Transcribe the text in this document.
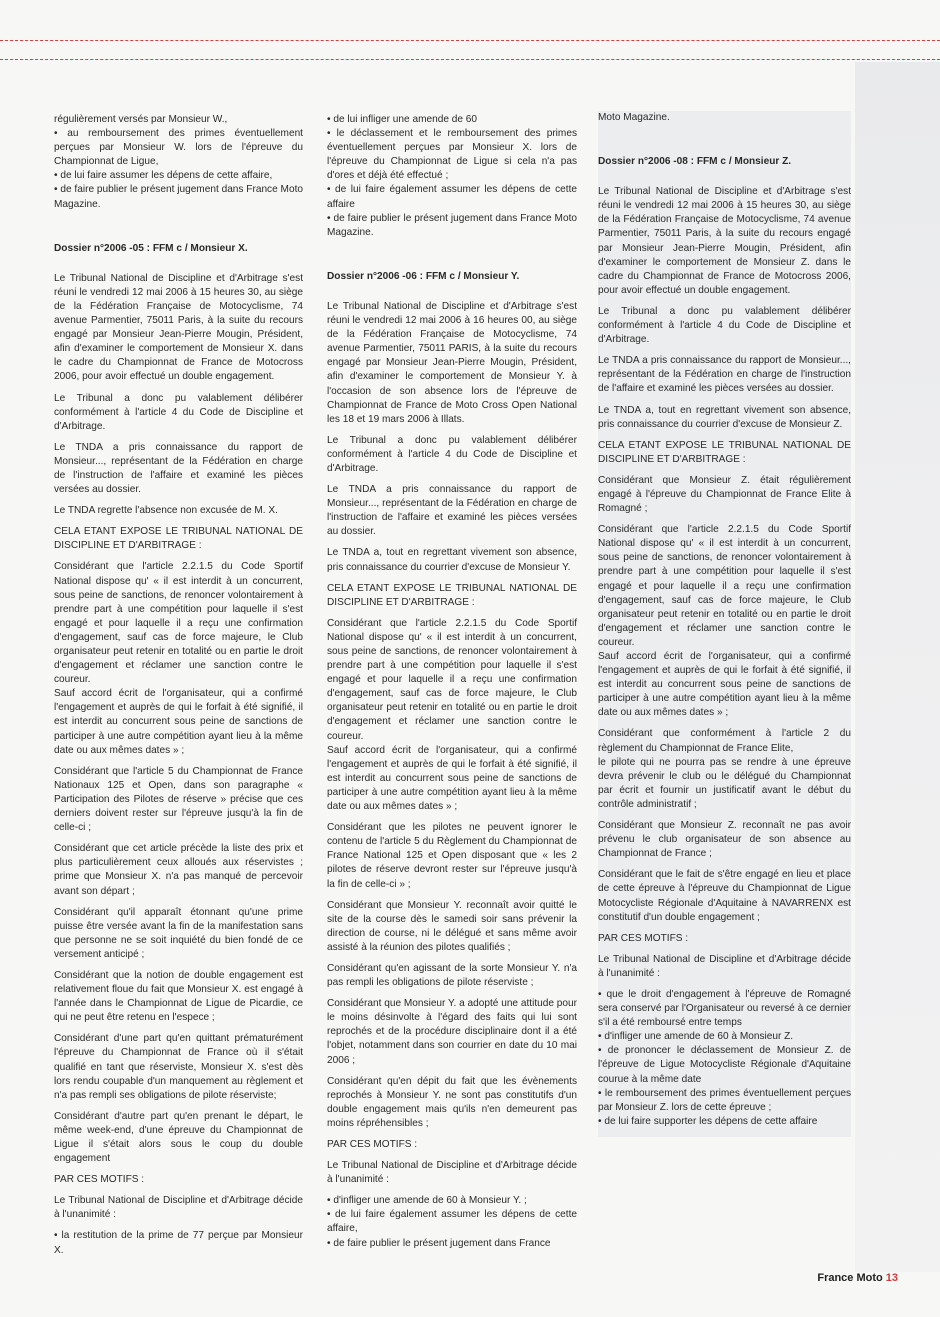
régulièrement versés par Monsieur W.,

• au remboursement des primes éventuellement perçues par Monsieur W. lors de l'épreuve du Championnat de Ligue,

• de lui faire assumer les dépens de cette affaire,

• de faire publier le présent jugement dans France Moto Magazine.

Dossier n°2006 -05 : FFM c / Monsieur X.

Le Tribunal National de Discipline et d'Arbitrage s'est réuni le vendredi 12 mai 2006 à 15 heures 30, au siège de la Fédération Française de Motocyclisme, 74 avenue Parmentier, 75011 Paris, à la suite du recours engagé par Monsieur Jean-Pierre Mougin, Président, afin d'examiner le comportement de Monsieur X. dans le cadre du Championnat de France de Motocross 2006, pour avoir effectué un double engagement.

Le Tribunal a donc pu valablement délibérer conformément à l'article 4 du Code de Discipline et d'Arbitrage.

Le TNDA a pris connaissance du rapport de Monsieur..., représentant de la Fédération en charge de l'instruction de l'affaire et examiné les pièces versées au dossier.

Le TNDA regrette l'absence non excusée de M. X.

CELA ETANT EXPOSE LE TRIBUNAL NATIONAL DE DISCIPLINE ET D'ARBITRAGE :

Considérant que l'article 2.2.1.5 du Code Sportif National dispose qu' « il est interdit à un concurrent, sous peine de sanctions, de renoncer volontairement à prendre part à une compétition pour laquelle il s'est engagé et pour laquelle il a reçu une confirmation d'engagement, sauf cas de force majeure, le Club organisateur peut retenir en totalité ou en partie le droit d'engagement et réclamer une sanction contre le coureur.

Sauf accord écrit de l'organisateur, qui a confirmé l'engagement et auprès de qui le forfait à été signifié, il est interdit au concurrent sous peine de sanctions de participer à une autre compétition ayant lieu à la même date ou aux mêmes dates » ;

Considérant que l'article 5 du Championnat de France Nationaux 125 et Open, dans son paragraphe « Participation des Pilotes de réserve » précise que ces derniers doivent rester sur l'épreuve jusqu'à la fin de celle-ci ;

Considérant que cet article précède la liste des prix et plus particulièrement ceux alloués aux réservistes ; prime que Monsieur X. n'a pas manqué de percevoir avant son départ ;

Considérant qu'il apparaît étonnant qu'une prime puisse être versée avant la fin de la manifestation sans que personne ne se soit inquiété du bien fondé de ce versement anticipé ;

Considérant que la notion de double engagement est relativement floue du fait que Monsieur X. est engagé à l'année dans le Championnat de Ligue de Picardie, ce qui ne peut être retenu en l'espece ;

Considérant d'une part qu'en quittant prématurément l'épreuve du Championnat de France où il s'était qualifié en tant que réserviste, Monsieur X. s'est dès lors rendu coupable d'un manquement au règlement et n'a pas rempli ses obligations de pilote réserviste;

Considérant d'autre part qu'en prenant le départ, le même week-end, d'une épreuve du Championnat de Ligue il s'était alors sous le coup du double engagement

PAR CES MOTIFS :

Le Tribunal National de Discipline et d'Arbitrage décide à l'unanimité :

• la restitution de la prime de 77 perçue par Monsieur X.

• de lui infliger une amende de 60

• le déclassement et le remboursement des primes éventuellement perçues par Monsieur X. lors de l'épreuve du Championnat de Ligue si cela n'a pas d'ores et déjà été effectué ;

• de lui faire également assumer les dépens de cette affaire

• de faire publier le présent jugement dans France Moto Magazine.

Dossier n°2006 -06 : FFM c / Monsieur Y.

Le Tribunal National de Discipline et d'Arbitrage s'est réuni le vendredi 12 mai 2006 à 16 heures 00, au siège de la Fédération Française de Motocyclisme, 74 avenue Parmentier, 75011 PARIS, à la suite du recours engagé par Monsieur Jean-Pierre Mougin, Président, afin d'examiner le comportement de Monsieur Y. à l'occasion de son absence lors de l'épreuve de Championnat de France de Moto Cross Open National les 18 et 19 mars 2006 à Illats.

Le Tribunal a donc pu valablement délibérer conformément à l'article 4 du Code de Discipline et d'Arbitrage.

Le TNDA a pris connaissance du rapport de Monsieur..., représentant de la Fédération en charge de l'instruction de l'affaire et examiné les pièces versées au dossier.

Le TNDA a, tout en regrettant vivement son absence, pris connaissance du courrier d'excuse de Monsieur Y.

CELA ETANT EXPOSE LE TRIBUNAL NATIONAL DE DISCIPLINE ET D'ARBITRAGE :

Considérant que l'article 2.2.1.5 du Code Sportif National dispose qu' « il est interdit à un concurrent, sous peine de sanctions, de renoncer volontairement à prendre part à une compétition pour laquelle il s'est engagé et pour laquelle il a reçu une confirmation d'engagement, sauf cas de force majeure, le Club organisateur peut retenir en totalité ou en partie le droit d'engagement et réclamer une sanction contre le coureur.

Sauf accord écrit de l'organisateur, qui a confirmé l'engagement et auprès de qui le forfait à été signifié, il est interdit au concurrent sous peine de sanctions de participer à une autre compétition ayant lieu à la même date ou aux mêmes dates » ;

Considérant que les pilotes ne peuvent ignorer le contenu de l'article 5 du Règlement du Championnat de France National 125 et Open disposant que « les 2 pilotes de réserve devront rester sur l'épreuve jusqu'à la fin de celle-ci » ;

Considérant que Monsieur Y. reconnaît avoir quitté le site de la course dès le samedi soir sans prévenir la direction de course, ni le délégué et sans même avoir assisté à la réunion des pilotes qualifiés ;

Considérant qu'en agissant de la sorte Monsieur Y. n'a pas rempli les obligations de pilote réserviste ;

Considérant que Monsieur Y. a adopté une attitude pour le moins désinvolte à l'égard des faits qui lui sont reprochés et de la procédure disciplinaire dont il a été l'objet, notamment dans son courrier en date du 10 mai 2006 ;

Considérant qu'en dépit du fait que les évènements reprochés à Monsieur Y. ne sont pas constitutifs d'un double engagement mais qu'ils n'en demeurent pas moins répréhensibles ;

PAR CES MOTIFS :

Le Tribunal National de Discipline et d'Arbitrage décide à l'unanimité :

• d'infliger une amende de 60 à Monsieur Y. ;

• de lui faire également assumer les dépens de cette affaire,

• de faire publier le présent jugement dans France

Moto Magazine.

Dossier n°2006 -08 : FFM c / Monsieur Z.

Le Tribunal National de Discipline et d'Arbitrage s'est réuni le vendredi 12 mai 2006 à 15 heures 30, au siège de la Fédération Française de Motocyclisme, 74 avenue Parmentier, 75011 Paris, à la suite du recours engagé par Monsieur Jean-Pierre Mougin, Président, afin d'examiner le comportement de Monsieur Z. dans le cadre du Championnat de France de Motocross 2006, pour avoir effectué un double engagement.

Le Tribunal a donc pu valablement délibérer conformément à l'article 4 du Code de Discipline et d'Arbitrage.

Le TNDA a pris connaissance du rapport de Monsieur..., représentant de la Fédération en charge de l'instruction de l'affaire et examiné les pièces versées au dossier.

Le TNDA a, tout en regrettant vivement son absence, pris connaissance du courrier d'excuse de Monsieur Z.

CELA ETANT EXPOSE LE TRIBUNAL NATIONAL DE DISCIPLINE ET D'ARBITRAGE :

Considérant que Monsieur Z. était régulièrement engagé à l'épreuve du Championnat de France Elite à Romagné ;

Considérant que l'article 2.2.1.5 du Code Sportif National dispose qu' « il est interdit à un concurrent, sous peine de sanctions, de renoncer volontairement à prendre part à une compétition pour laquelle il s'est engagé et pour laquelle il a reçu une confirmation d'engagement, sauf cas de force majeure, le Club organisateur peut retenir en totalité ou en partie le droit d'engagement et réclamer une sanction contre le coureur.

Sauf accord écrit de l'organisateur, qui a confirmé l'engagement et auprès de qui le forfait à été signifié, il est interdit au concurrent sous peine de sanctions de participer à une autre compétition ayant lieu à la même date ou aux mêmes dates » ;

Considérant que conformément à l'article 2 du règlement du Championnat de France Elite,

le pilote qui ne pourra pas se rendre à une épreuve devra prévenir le club ou le délégué du Championnat par écrit et fournir un justificatif avant le début du contrôle administratif ;

Considérant que Monsieur Z. reconnaît ne pas avoir prévenu le club organisateur de son absence au Championnat de France ;

Considérant que le fait de s'être engagé en lieu et place de cette épreuve à l'épreuve du Championnat de Ligue Motocycliste Régionale d'Aquitaine à NAVARRENX est constitutif d'un double engagement ;

PAR CES MOTIFS :

Le Tribunal National de Discipline et d'Arbitrage décide à l'unanimité :

• que le droit d'engagement à l'épreuve de Romagné sera conservé par l'Organisateur ou reversé à ce dernier s'il a été remboursé entre temps

• d'infliger une amende de 60 à Monsieur Z.

• de prononcer le déclassement de Monsieur Z. de l'épreuve de Ligue Motocycliste Régionale d'Aquitaine courue à la même date

• le remboursement des primes éventuellement perçues par Monsieur Z. lors de cette épreuve ;

• de lui faire supporter les dépens de cette affaire

France Moto 13
